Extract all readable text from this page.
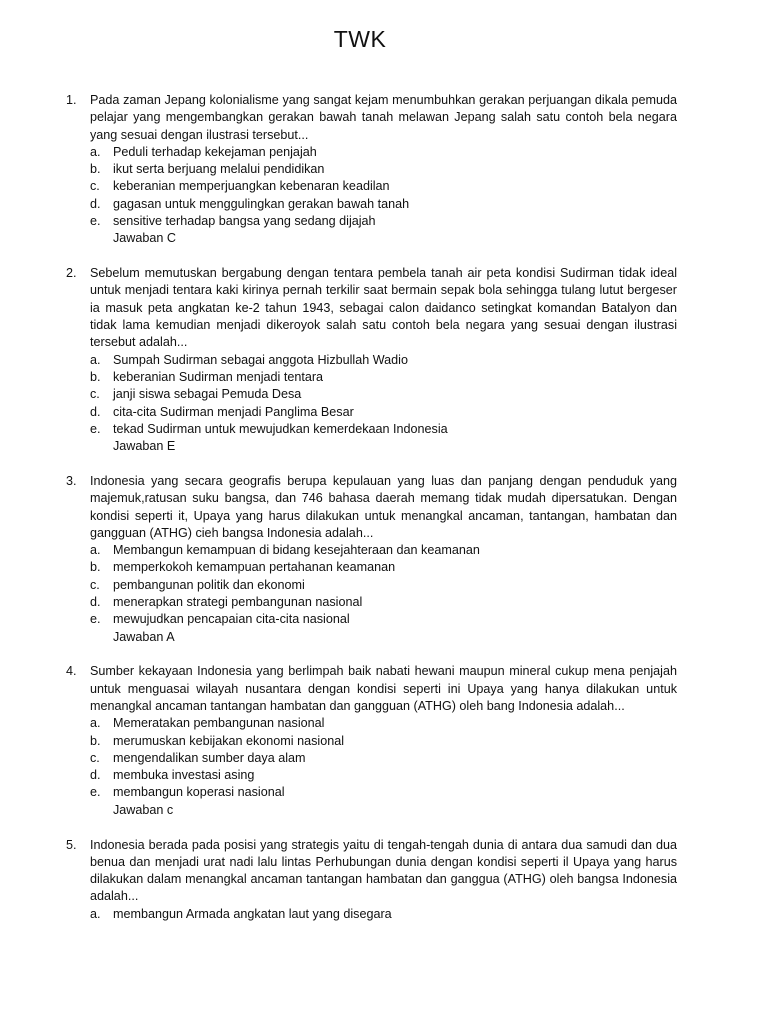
TWK
1. Pada zaman Jepang kolonialisme yang sangat kejam menumbuhkan gerakan perjuangan dikala pemuda pelajar yang mengembangkan gerakan bawah tanah melawan Jepang salah satu contoh bela negara yang sesuai dengan ilustrasi tersebut...

a. Peduli terhadap kekejaman penjajah
b. ikut serta berjuang melalui pendidikan
c. keberanian memperjuangkan kebenaran keadilan
d. gagasan untuk menggulingkan gerakan bawah tanah
e. sensitive terhadap bangsa yang sedang dijajah
Jawaban C
2. Sebelum memutuskan bergabung dengan tentara pembela tanah air peta kondisi Sudirman tidak ideal untuk menjadi tentara kaki kirinya pernah terkilir saat bermain sepak bola sehingga tulang lutut bergeser ia masuk peta angkatan ke-2 tahun 1943, sebagai calon daidanco setingkat komandan Batalyon dan tidak lama kemudian menjadi dikeroyok salah satu contoh bela negara yang sesuai dengan ilustrasi tersebut adalah...

a. Sumpah Sudirman sebagai anggota Hizbullah Wadio
b. keberanian Sudirman menjadi tentara
c. janji siswa sebagai Pemuda Desa
d. cita-cita Sudirman menjadi Panglima Besar
e. tekad Sudirman untuk mewujudkan kemerdekaan Indonesia
Jawaban E
3. Indonesia yang secara geografis berupa kepulauan yang luas dan panjang dengan penduduk yang majemuk,ratusan suku bangsa, dan 746 bahasa daerah memang tidak mudah dipersatukan. Dengan kondisi seperti it, Upaya yang harus dilakukan untuk menangkal ancaman, tantangan, hambatan dan gangguan (ATHG) cieh bangsa Indonesia adalah...

a. Membangun kemampuan di bidang kesejahteraan dan keamanan
b. memperkokoh kemampuan pertahanan keamanan
c. pembangunan politik dan ekonomi
d. menerapkan strategi pembangunan nasional
e. mewujudkan pencapaian cita-cita nasional
Jawaban A
4. Sumber kekayaan Indonesia yang berlimpah baik nabati hewani maupun mineral cukup mena penjajah untuk menguasai wilayah nusantara dengan kondisi seperti ini Upaya yang hanya dilakukan untuk menangkal ancaman tantangan hambatan dan gangguan (ATHG) oleh bang Indonesia adalah...

a. Memeratakan pembangunan nasional
b. merumuskan kebijakan ekonomi nasional
c. mengendalikan sumber daya alam
d. membuka investasi asing
e. membangun koperasi nasional
Jawaban c
5. Indonesia berada pada posisi yang strategis yaitu di tengah-tengah dunia di antara dua samudi dan dua benua dan menjadi urat nadi lalu lintas Perhubungan dunia dengan kondisi seperti il Upaya yang harus dilakukan dalam menangkal ancaman tantangan hambatan dan ganggua (ATHG) oleh bangsa Indonesia adalah...

a. membangun Armada angkatan laut yang disegara
